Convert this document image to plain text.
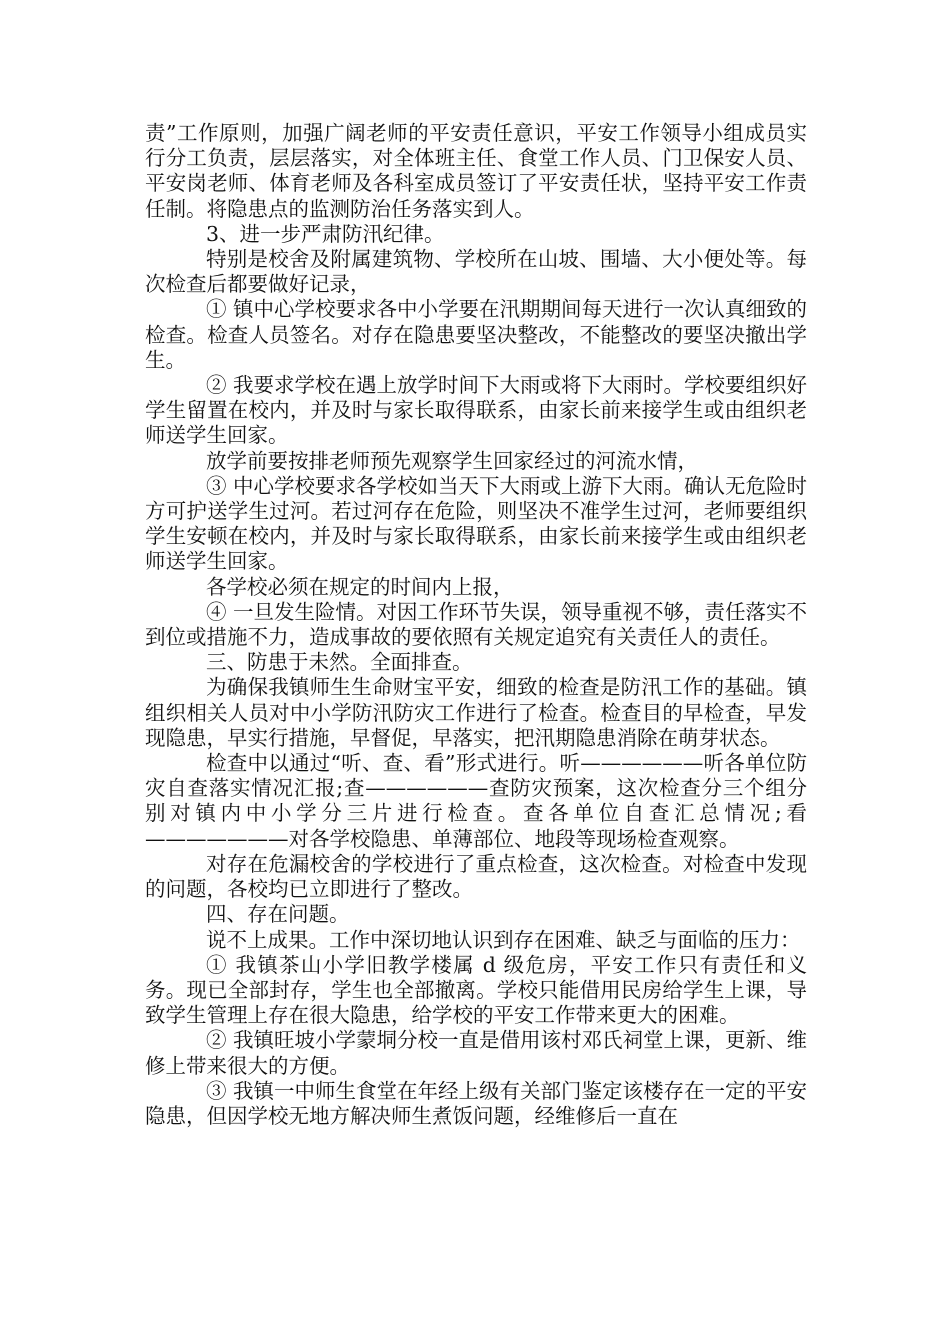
责”工作原则，加强广阔老师的平安责任意识，平安工作领导小组成员实行分工负责，层层落实，对全体班主任、食堂工作人员、门卫保安人员、平安岗老师、体育老师及各科室成员签订了平安责任状，坚持平安工作责任制。将隐患点的监测防治任务落实到人。

3、进一步严肃防汛纪律。

特别是校舍及附属建筑物、学校所在山坡、围墙、大小便处等。每次检查后都要做好记录，

① 镇中心学校要求各中小学要在汛期期间每天进行一次认真细致的检查。检查人员签名。对存在隐患要坚决整改，不能整改的要坚决撤出学生。

② 我要求学校在遇上放学时间下大雨或将下大雨时。学校要组织好学生留置在校内，并及时与家长取得联系，由家长前来接学生或由组织老师送学生回家。

放学前要按排老师预先观察学生回家经过的河流水情，

③ 中心学校要求各学校如当天下大雨或上游下大雨。确认无危险时方可护送学生过河。若过河存在危险，则坚决不准学生过河，老师要组织学生安顿在校内，并及时与家长取得联系，由家长前来接学生或由组织老师送学生回家。

各学校必须在规定的时间内上报，

④ 一旦发生险情。对因工作环节失误，领导重视不够，责任落实不到位或措施不力，造成事故的要依照有关规定追究有关责任人的责任。

三、防患于未然。全面排查。

为确保我镇师生生命财宝平安，细致的检查是防汛工作的基础。镇组织相关人员对中小学防汛防灾工作进行了检查。检查目的早检查，早发现隐患，早实行措施，早督促，早落实，把汛期隐患消除在萌芽状态。

检查中以通过“听、查、看”形式进行。听——————听各单位防灾自查落实情况汇报;查——————查防灾预案，这次检查分三个组分别对镇内中小学分三片进行检查。查各单位自查汇总情况;看———————对各学校隐患、单薄部位、地段等现场检查观察。

对存在危漏校舍的学校进行了重点检查，这次检查。对检查中发现的问题，各校均已立即进行了整改。

四、存在问题。

说不上成果。工作中深切地认识到存在困难、缺乏与面临的压力：

① 我镇茶山小学旧教学楼属 d 级危房，平安工作只有责任和义务。现已全部封存，学生也全部撤离。学校只能借用民房给学生上课，导致学生管理上存在很大隐患，给学校的平安工作带来更大的困难。

② 我镇旺坡小学蒙垌分校一直是借用该村邓氏祠堂上课，更新、维修上带来很大的方便。

③ 我镇一中师生食堂在年经上级有关部门鉴定该楼存在一定的平安隐患，但因学校无地方解决师生煮饭问题，经维修后一直在
